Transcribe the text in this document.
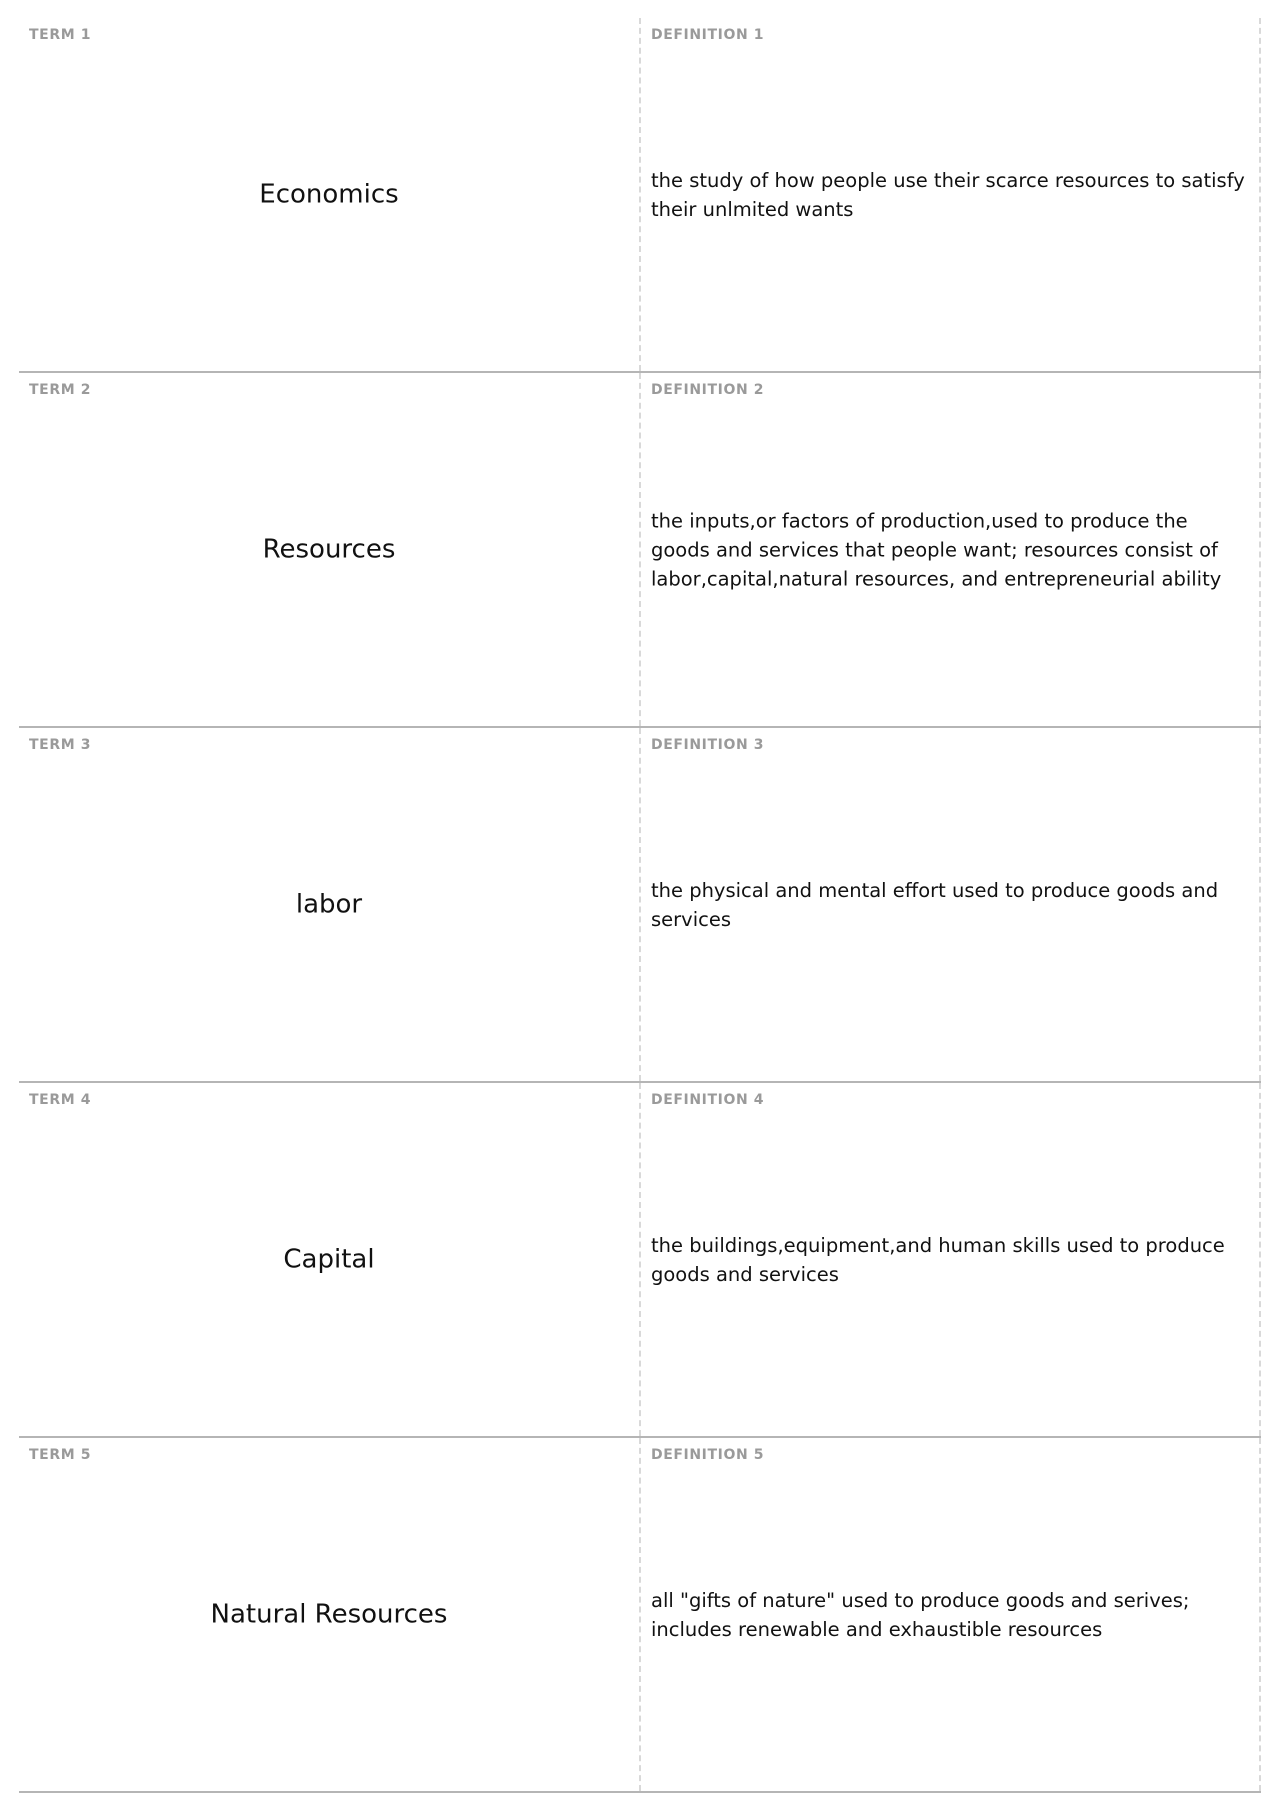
TERM 1
Economics
DEFINITION 1
the study of how people use their scarce resources to satisfy their unlmited wants
TERM 2
Resources
DEFINITION 2
the inputs,or factors of production,used to produce the goods and services that people want; resources consist of labor,capital,natural resources, and entrepreneurial ability
TERM 3
labor
DEFINITION 3
the physical and mental effort used to produce goods and services
TERM 4
Capital
DEFINITION 4
the buildings,equipment,and human skills used to produce goods and services
TERM 5
Natural Resources
DEFINITION 5
all "gifts of nature" used to produce goods and serives; includes renewable and exhaustible resources
